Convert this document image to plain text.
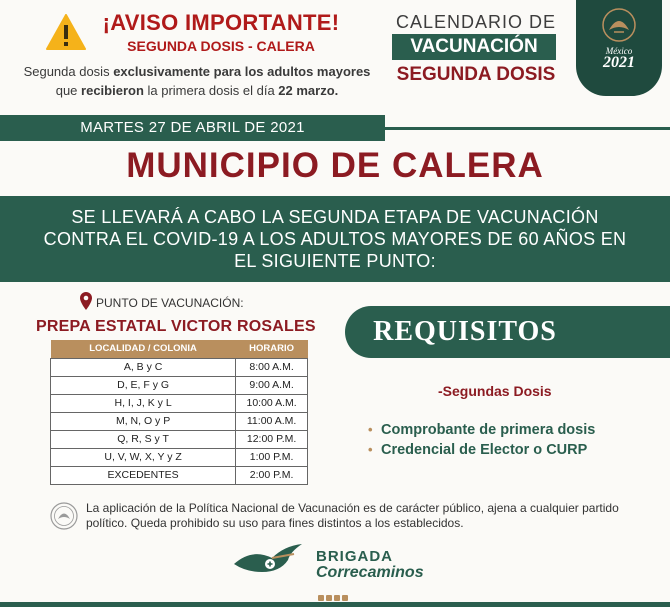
¡AVISO IMPORTANTE!
SEGUNDA DOSIS - CALERA
Segunda dosis exclusivamente para los adultos mayores que recibieron la primera dosis el día 22 marzo.
CALENDARIO DE
VACUNACIÓN
SEGUNDA DOSIS
México
2021
MARTES 27 DE ABRIL DE 2021
MUNICIPIO DE CALERA
SE LLEVARÁ A CABO LA SEGUNDA ETAPA DE VACUNACIÓN CONTRA EL COVID-19 A LOS ADULTOS MAYORES DE 60 AÑOS EN EL SIGUIENTE PUNTO:
PUNTO DE VACUNACIÓN:
PREPA ESTATAL VICTOR ROSALES
LOCALIDAD / COLONIA	HORARIO
A, B y C	8:00 A.M.
D, E, F y G	9:00 A.M.
H, I, J, K y L	10:00 A.M.
M, N, O y P	11:00 A.M.
Q, R, S y T	12:00 P.M.
U, V, W, X, Y y Z	1:00 P.M.
EXCEDENTES	2:00 P.M.
REQUISITOS
-Segundas Dosis
• Comprobante de primera dosis
• Credencial de Elector o CURP
La aplicación de la Política Nacional de Vacunación es de carácter público, ajena a cualquier partido político. Queda prohibido su uso para fines distintos a los establecidos.
BRIGADA
Correcaminos
